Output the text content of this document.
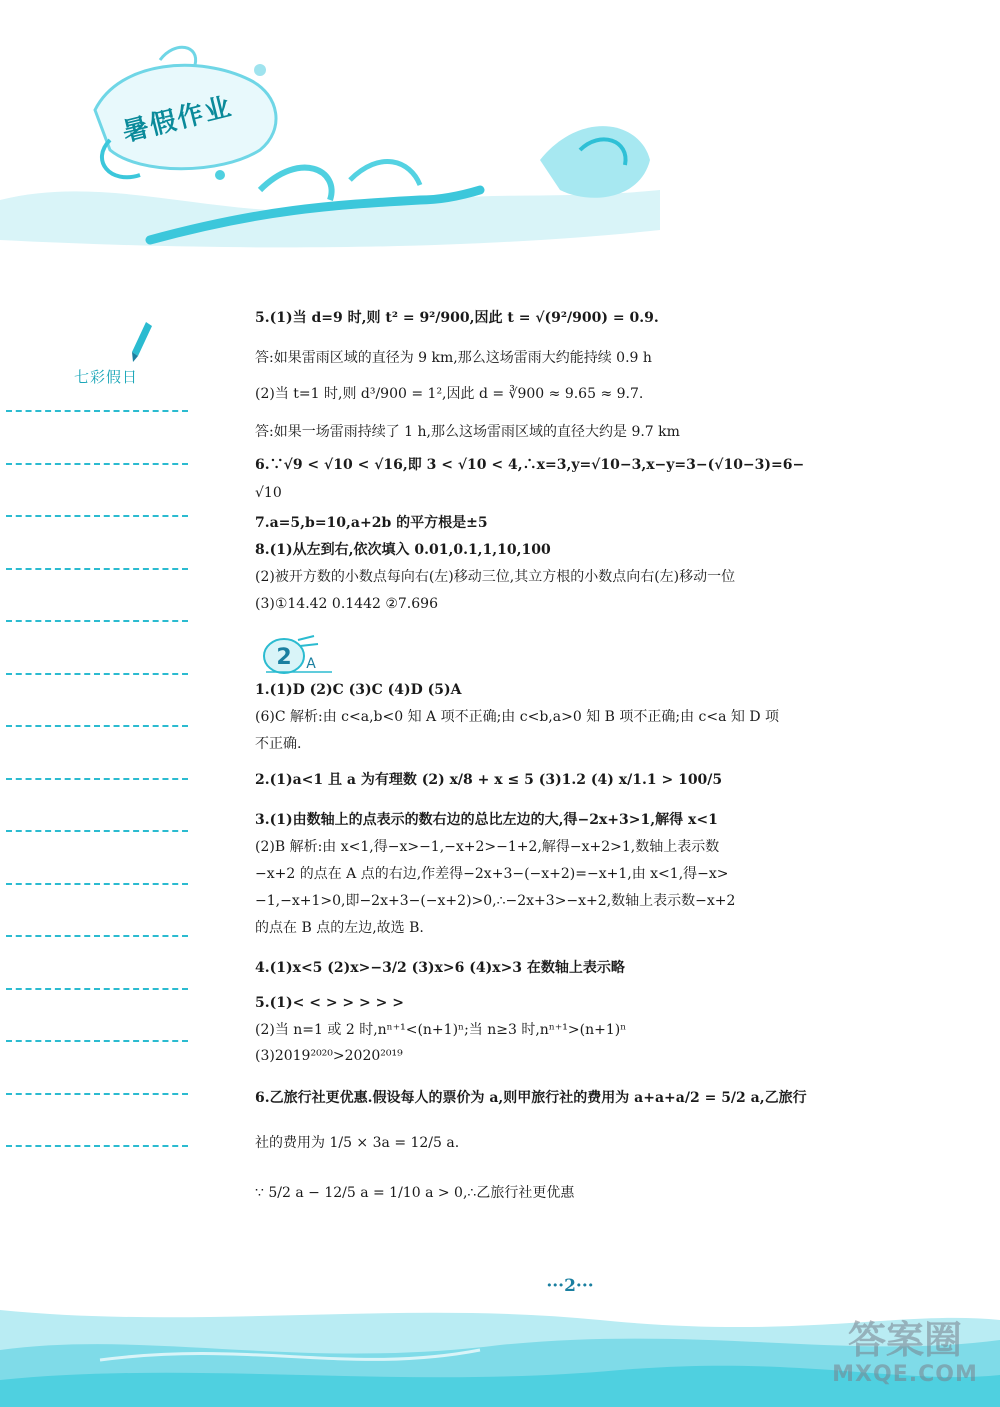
暑假作业
七彩假日
5.(1)当 d=9 时,则 t² = 9²/900,因此 t = √(9²/900) = 0.9.
答:如果雷雨区域的直径为 9 km,那么这场雷雨大约能持续 0.9 h
(2)当 t=1 时,则 d³/900 = 1²,因此 d = ∛900 ≈ 9.65 ≈ 9.7.
答:如果一场雷雨持续了 1 h,那么这场雷雨区域的直径大约是 9.7 km
6.∵√9 < √10 < √16,即 3 < √10 < 4,∴x=3,y=√10−3,x−y=3−(√10−3)=6−
√10
7.a=5,b=10,a+2b 的平方根是±5
8.(1)从左到右,依次填入 0.01,0.1,1,10,100
(2)被开方数的小数点每向右(左)移动三位,其立方根的小数点向右(左)移动一位
(3)①14.42 0.1442 ②7.696
1.(1)D (2)C (3)C (4)D (5)A
(6)C 解析:由 c<a,b<0 知 A 项不正确;由 c<b,a>0 知 B 项不正确;由 c<a 知 D 项
不正确.
2.(1)a<1 且 a 为有理数 (2) x/8 + x ≤ 5 (3)1.2 (4) x/1.1 > 100/5
3.(1)由数轴上的点表示的数右边的总比左边的大,得−2x+3>1,解得 x<1
(2)B 解析:由 x<1,得−x>−1,−x+2>−1+2,解得−x+2>1,数轴上表示数
−x+2 的点在 A 点的右边,作差得−2x+3−(−x+2)=−x+1,由 x<1,得−x>
−1,−x+1>0,即−2x+3−(−x+2)>0,∴−2x+3>−x+2,数轴上表示数−x+2
的点在 B 点的左边,故选 B.
4.(1)x<5 (2)x>−3/2 (3)x>6 (4)x>3 在数轴上表示略
5.(1)< < > > > > >
(2)当 n=1 或 2 时,nⁿ⁺¹<(n+1)ⁿ;当 n≥3 时,nⁿ⁺¹>(n+1)ⁿ
(3)2019²⁰²⁰>2020²⁰¹⁹
6.乙旅行社更优惠.假设每人的票价为 a,则甲旅行社的费用为 a+a+a/2 = 5/2 a,乙旅行
社的费用为 1/5 × 3a = 12/5 a.
∵ 5/2 a − 12/5 a = 1/10 a > 0,∴乙旅行社更优惠
2 A
···2···
答案圈
MXQE.COM
